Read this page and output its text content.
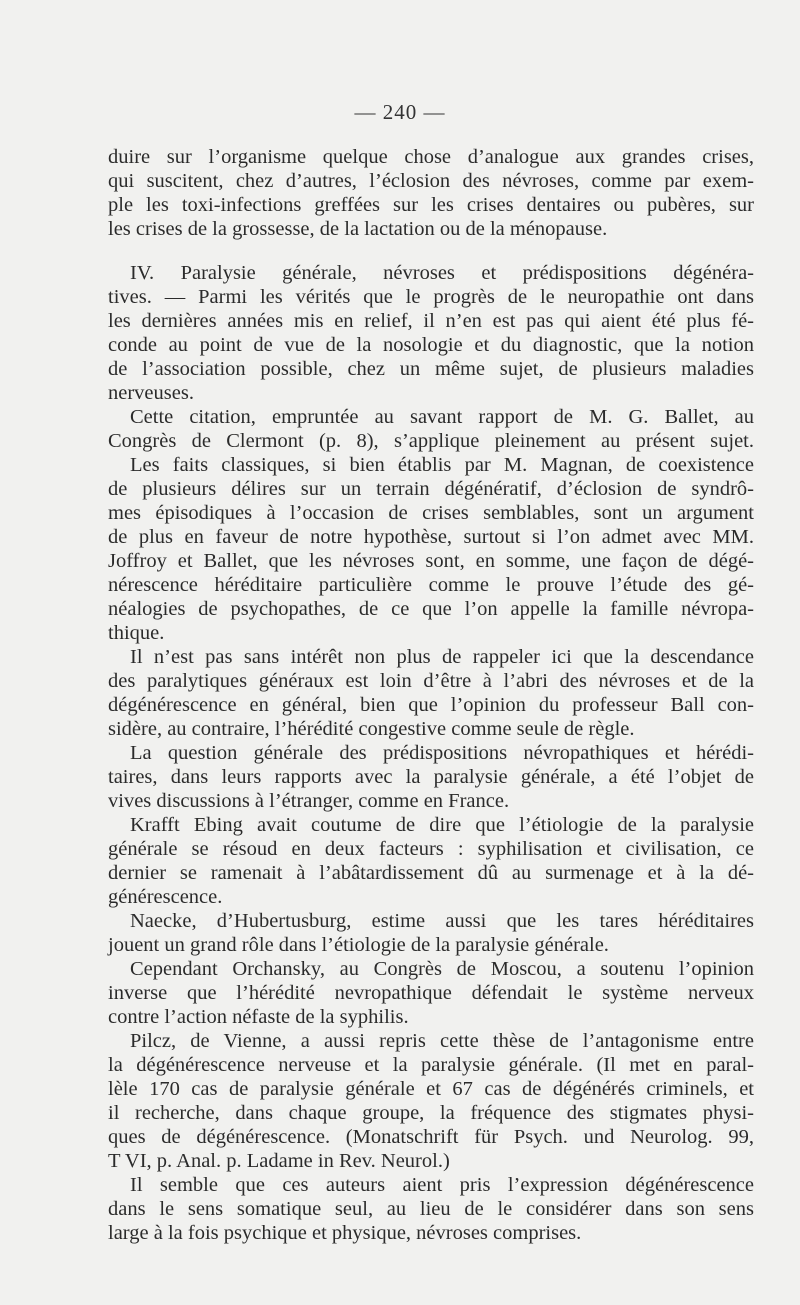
— 240 —
duire sur l’organisme quelque chose d’analogue aux grandes crises,
qui suscitent, chez d’autres, l’éclosion des névroses, comme par exem-
ple les toxi-infections greffées sur les crises dentaires ou pubères, sur
les crises de la grossesse, de la lactation ou de la ménopause.
IV. Paralysie générale, névroses et prédispositions dégénéra-
tives. — Parmi les vérités que le progrès de le neuropathie ont dans
les dernières années mis en relief, il n’en est pas qui aient été plus fé-
conde au point de vue de la nosologie et du diagnostic, que la notion
de l’association possible, chez un même sujet, de plusieurs maladies
nerveuses.
Cette citation, empruntée au savant rapport de M. G. Ballet, au
Congrès de Clermont (p. 8), s’applique pleinement au présent sujet.
Les faits classiques, si bien établis par M. Magnan, de coexistence
de plusieurs délires sur un terrain dégénératif, d’éclosion de syndrô-
mes épisodiques à l’occasion de crises semblables, sont un argument
de plus en faveur de notre hypothèse, surtout si l’on admet avec MM.
Joffroy et Ballet, que les névroses sont, en somme, une façon de dégé-
nérescence héréditaire particulière comme le prouve l’étude des gé-
néalogies de psychopathes, de ce que l’on appelle la famille névropa-
thique.
Il n’est pas sans intérêt non plus de rappeler ici que la descendance
des paralytiques généraux est loin d’être à l’abri des névroses et de la
dégénérescence en général, bien que l’opinion du professeur Ball con-
sidère, au contraire, l’hérédité congestive comme seule de règle.
La question générale des prédispositions névropathiques et hérédi-
taires, dans leurs rapports avec la paralysie générale, a été l’objet de
vives discussions à l’étranger, comme en France.
Krafft Ebing avait coutume de dire que l’étiologie de la paralysie
générale se résoud en deux facteurs : syphilisation et civilisation, ce
dernier se ramenait à l’abâtardissement dû au surmenage et à la dé-
générescence.
Naecke, d’Hubertusburg, estime aussi que les tares héréditaires
jouent un grand rôle dans l’étiologie de la paralysie générale.
Cependant Orchansky, au Congrès de Moscou, a soutenu l’opinion
inverse que l’hérédité nevropathique défendait le système nerveux
contre l’action néfaste de la syphilis.
Pilcz, de Vienne, a aussi repris cette thèse de l’antagonisme entre
la dégénérescence nerveuse et la paralysie générale. (Il met en paral-
lèle 170 cas de paralysie générale et 67 cas de dégénérés criminels, et
il recherche, dans chaque groupe, la fréquence des stigmates physi-
ques de dégénérescence. (Monatschrift für Psych. und Neurolog. 99,
T VI, p. Anal. p. Ladame in Rev. Neurol.)
Il semble que ces auteurs aient pris l’expression dégénérescence
dans le sens somatique seul, au lieu de le considérer dans son sens
large à la fois psychique et physique, névroses comprises.
